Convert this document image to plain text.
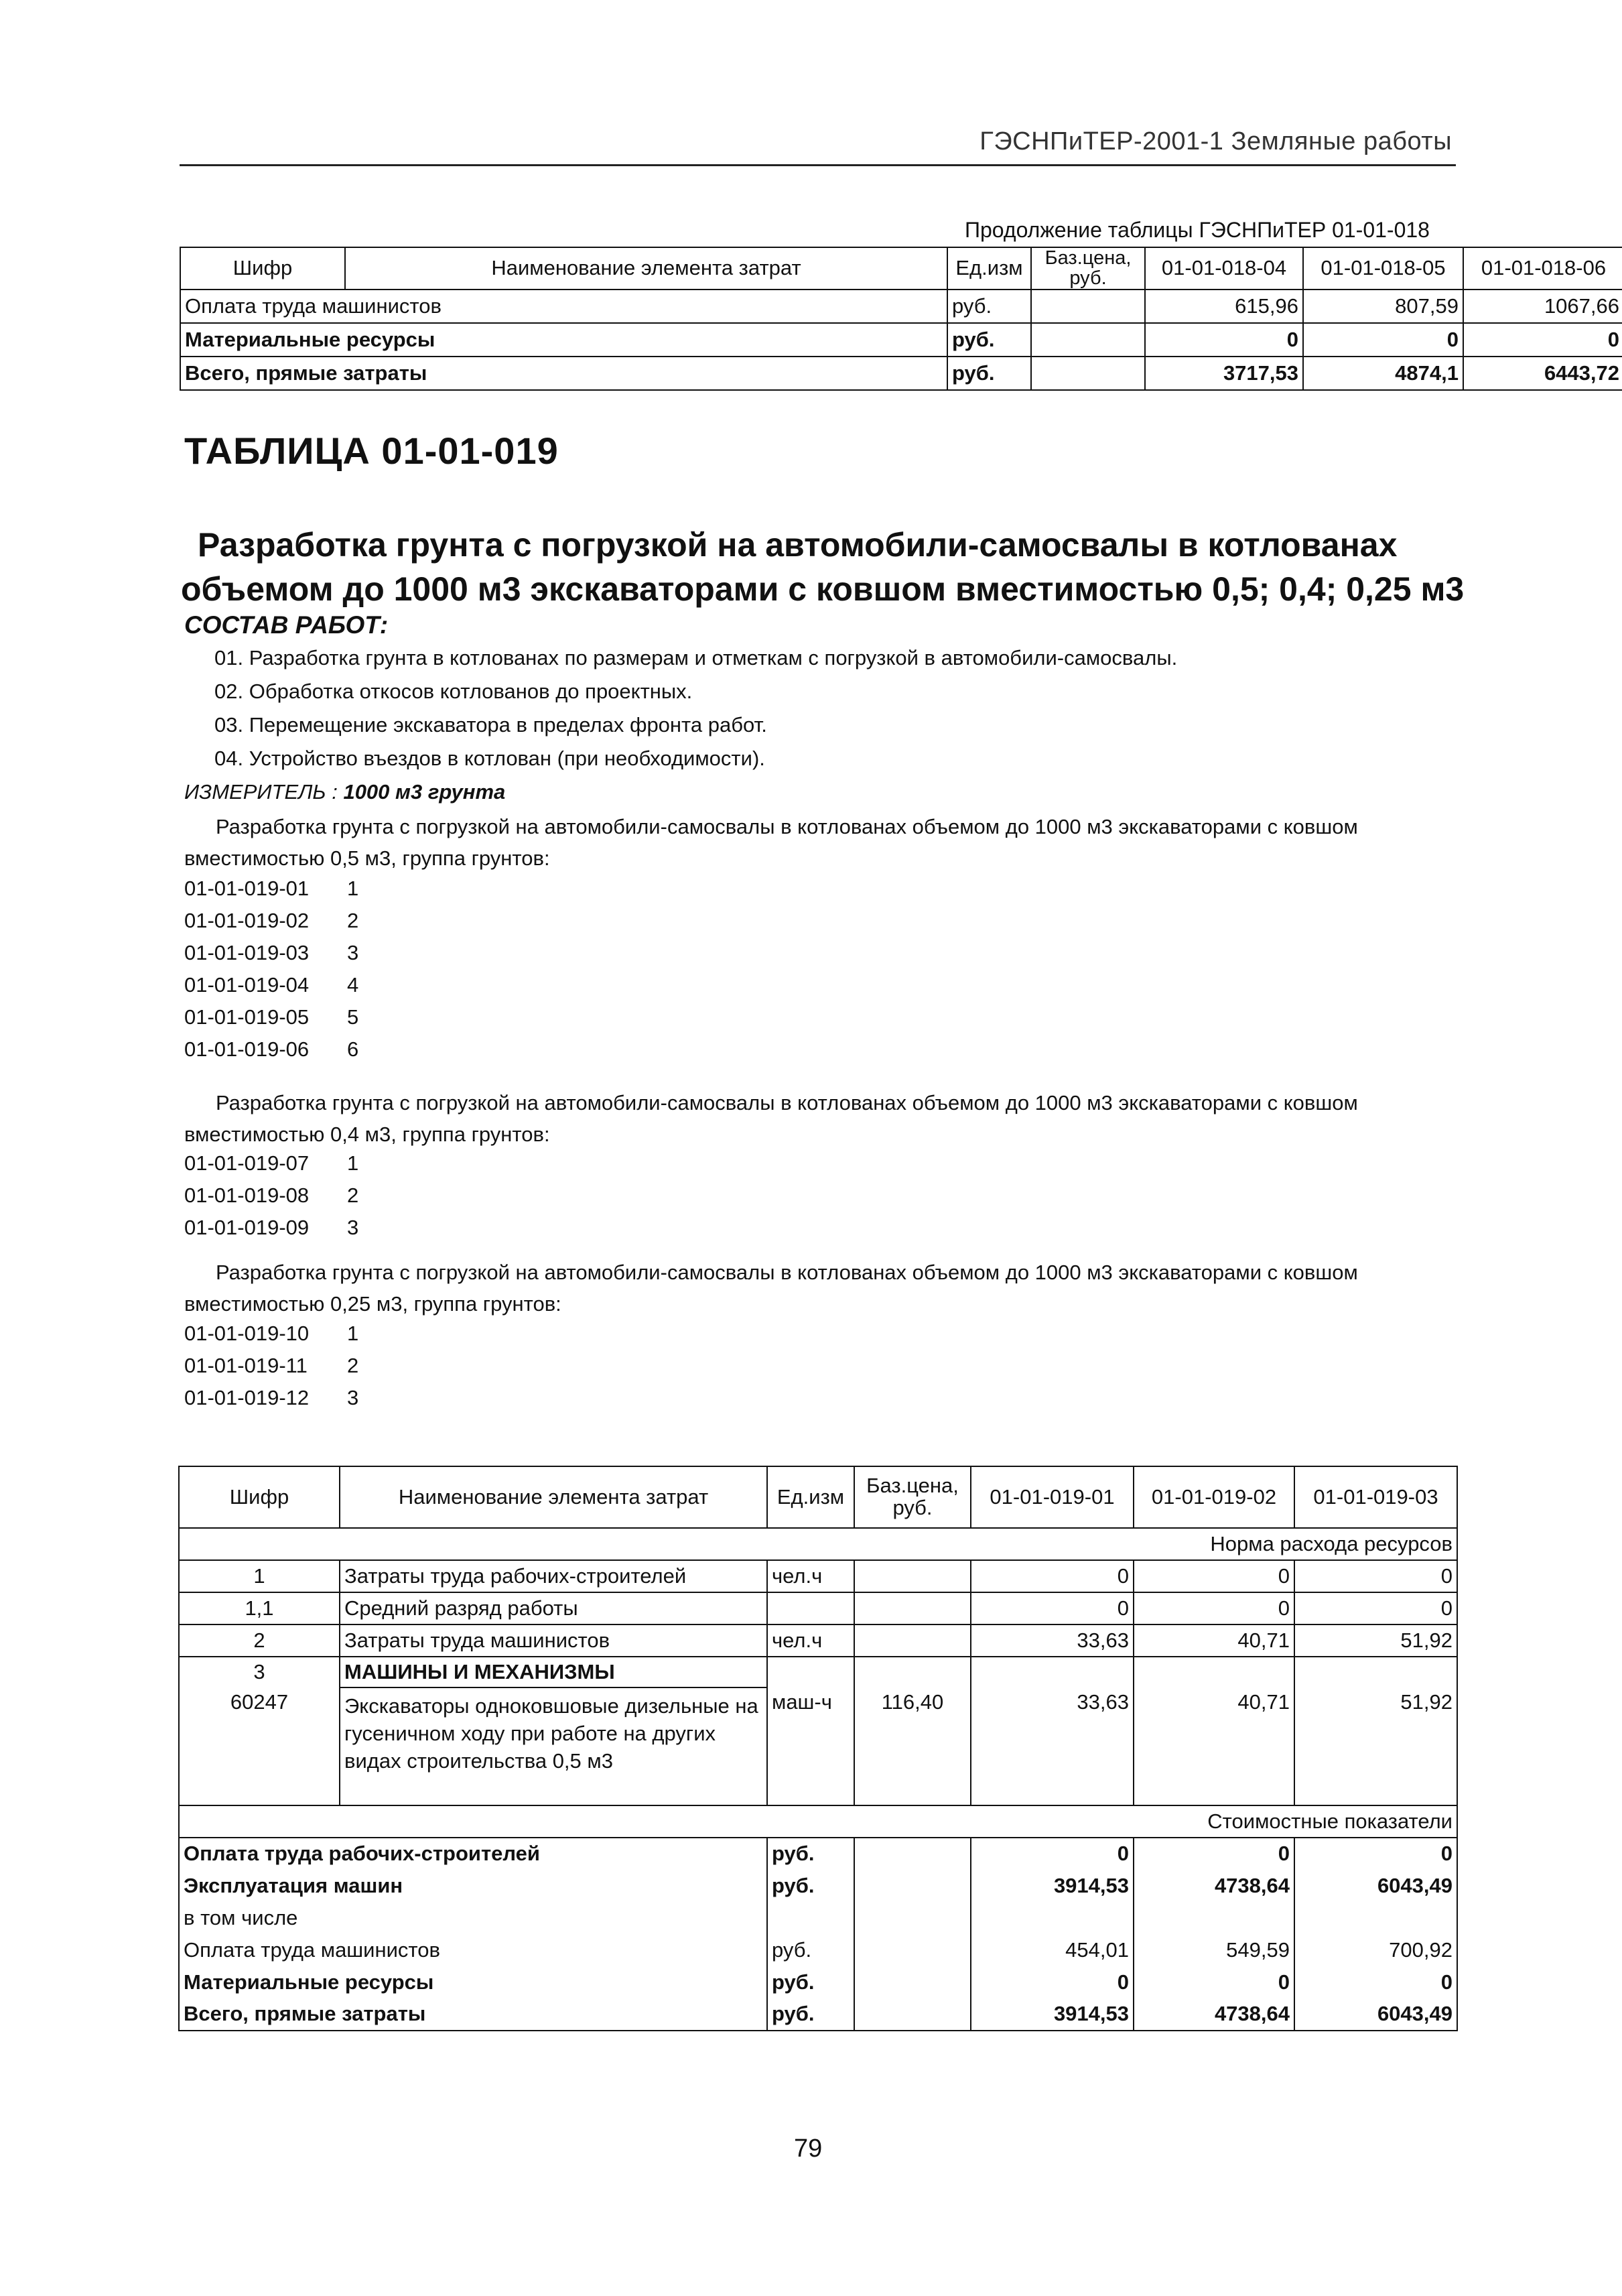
ГЭСНПиТЕР-2001-1 Земляные работы
Продолжение таблицы ГЭСНПиТЕР 01-01-018
Шифр	Наименование элемента затрат	Ед.изм	Баз.цена, руб.	01-01-018-04	01-01-018-05	01-01-018-06
Оплата труда машинистов		руб.		615,96	807,59	1067,66
Материальные ресурсы		руб.		0	0	0
Всего, прямые затраты		руб.		3717,53	4874,1	6443,72
ТАБЛИЦА 01-01-019
Разработка грунта с погрузкой на автомобили-самосвалы в котлованах
объемом до 1000 м3 экскаваторами с ковшом вместимостью 0,5; 0,4; 0,25 м3
СОСТАВ РАБОТ:
01. Разработка грунта в котлованах по размерам и отметкам с погрузкой в автомобили-самосвалы.
02. Обработка откосов котлованов до проектных.
03. Перемещение экскаватора в пределах фронта работ.
04. Устройство въездов в котлован (при необходимости).
ИЗМЕРИТЕЛЬ : 1000 м3 грунта
Разработка грунта с погрузкой на автомобили-самосвалы в котлованах объемом до 1000 м3 экскаваторами с ковшом вместимостью 0,5 м3, группа грунтов:
01-01-019-01 1
01-01-019-02 2
01-01-019-03 3
01-01-019-04 4
01-01-019-05 5
01-01-019-06 6
Разработка грунта с погрузкой на автомобили-самосвалы в котлованах объемом до 1000 м3 экскаваторами с ковшом вместимостью 0,4 м3, группа грунтов:
01-01-019-07 1
01-01-019-08 2
01-01-019-09 3
Разработка грунта с погрузкой на автомобили-самосвалы в котлованах объемом до 1000 м3 экскаваторами с ковшом вместимостью 0,25 м3, группа грунтов:
01-01-019-10 1
01-01-019-11 2
01-01-019-12 3
Шифр	Наименование элемента затрат	Ед.изм	Баз.цена, руб.	01-01-019-01	01-01-019-02	01-01-019-03
Норма расхода ресурсов						
1	Затраты труда рабочих-строителей	чел.ч		0	0	0
1,1	Средний разряд работы			0	0	0
2	Затраты труда машинистов	чел.ч		33,63	40,71	51,92
3	МАШИНЫ И МЕХАНИЗМЫ					
60247	Экскаваторы одноковшовые дизельные на гусеничном ходу при работе на других видах строительства 0,5 м3	маш-ч	116,40	33,63	40,71	51,92
Стоимостные показатели						
Оплата труда рабочих-строителей		руб.		0	0	0
Эксплуатация машин		руб.		3914,53	4738,64	6043,49
в том числе						
Оплата труда машинистов		руб.		454,01	549,59	700,92
Материальные ресурсы		руб.		0	0	0
Всего, прямые затраты		руб.		3914,53	4738,64	6043,49
79
